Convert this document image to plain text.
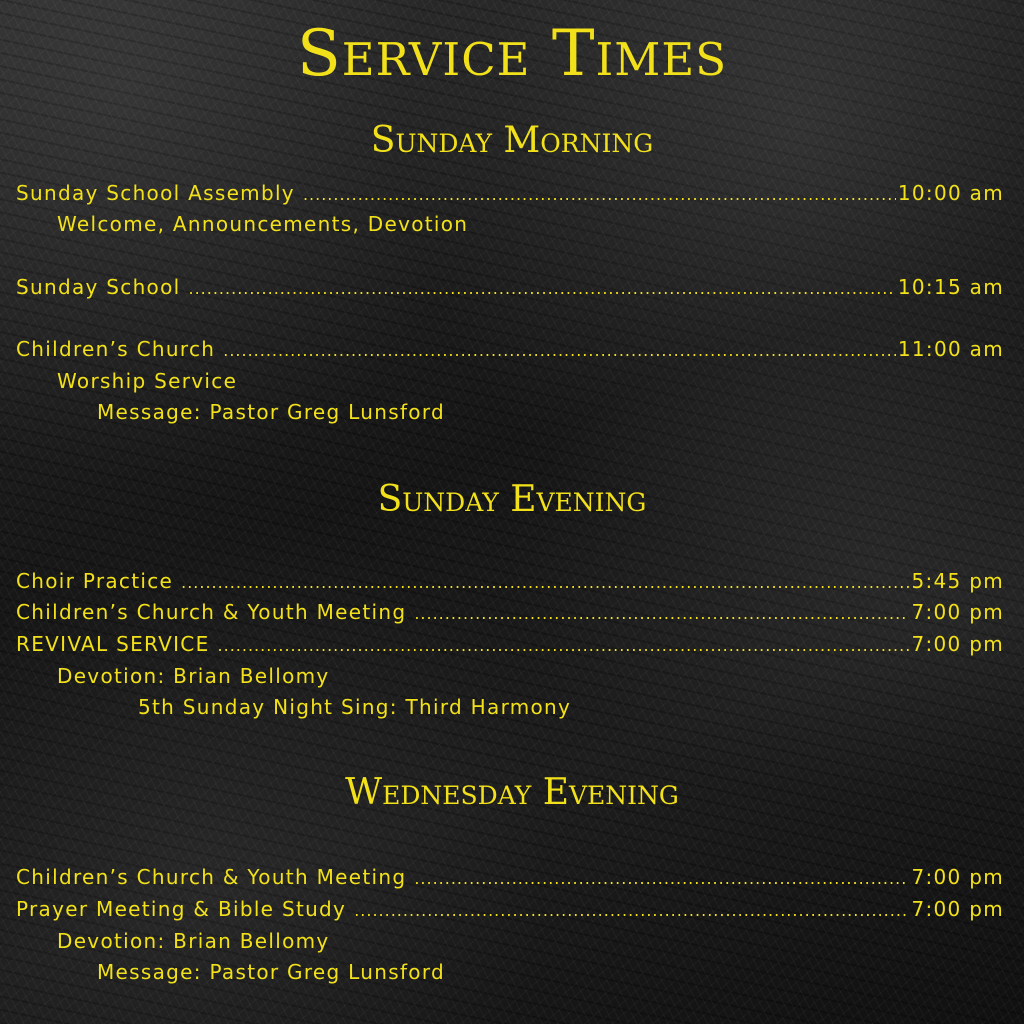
Service Times
Sunday Morning
Sunday School Assembly .....	10:00 am
Welcome, Announcements, Devotion
Sunday School .....	10:15 am
Children’s Church .....	11:00 am
Worship Service
Message: Pastor Greg Lunsford
Sunday Evening
Choir Practice .....	5:45 pm
Children’s Church & Youth Meeting .....	7:00 pm
REVIVAL SERVICE .....	7:00 pm
Devotion: Brian Bellomy
5th Sunday Night Sing: Third Harmony
Wednesday Evening
Children’s Church & Youth Meeting .....	7:00 pm
Prayer Meeting & Bible Study .....	7:00 pm
Devotion: Brian Bellomy
Message: Pastor Greg Lunsford
